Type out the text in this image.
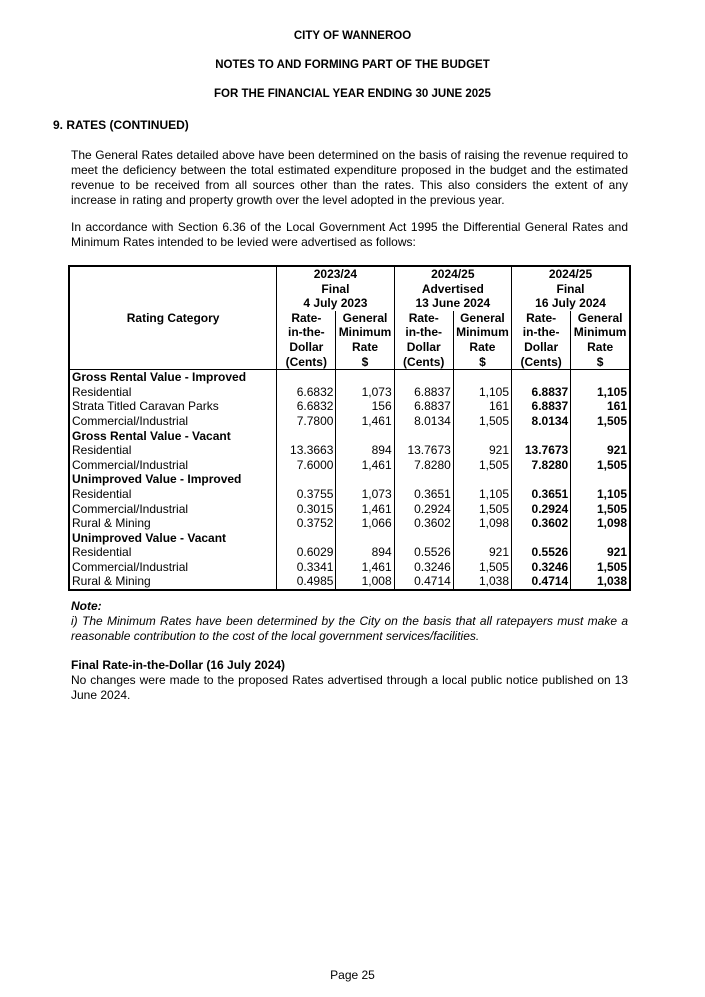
CITY OF WANNEROO
NOTES TO AND FORMING PART OF THE BUDGET
FOR THE FINANCIAL YEAR ENDING 30 JUNE 2025
9. RATES (CONTINUED)
The General Rates detailed above have been determined on the basis of raising the revenue required to meet the deficiency between the total estimated expenditure proposed in the budget and the estimated revenue to be received from all sources other than the rates. This also considers the extent of any increase in rating and property growth over the level adopted in the previous year.
In accordance with Section 6.36 of the Local Government Act 1995 the Differential General Rates and Minimum Rates intended to be levied were advertised as follows:
Rating Category	2023/24		2024/25		2024/25	
	Final		Advertised		Final	
	4 July 2023		13 June 2024		16 July 2024	
	Rate-	General	Rate-	General	Rate-	General
	in-the-	Minimum	in-the-	Minimum	in-the-	Minimum
	Dollar	Rate	Dollar	Rate	Dollar	Rate
	(Cents)	$	(Cents)	$	(Cents)	$
Gross Rental Value - Improved						
Residential	6.6832	1,073	6.8837	1,105	6.8837	1,105
Strata Titled Caravan Parks	6.6832	156	6.8837	161	6.8837	161
Commercial/Industrial	7.7800	1,461	8.0134	1,505	8.0134	1,505
Gross Rental Value - Vacant						
Residential	13.3663	894	13.7673	921	13.7673	921
Commercial/Industrial	7.6000	1,461	7.8280	1,505	7.8280	1,505
Unimproved Value - Improved						
Residential	0.3755	1,073	0.3651	1,105	0.3651	1,105
Commercial/Industrial	0.3015	1,461	0.2924	1,505	0.2924	1,505
Rural & Mining	0.3752	1,066	0.3602	1,098	0.3602	1,098
Unimproved Value - Vacant						
Residential	0.6029	894	0.5526	921	0.5526	921
Commercial/Industrial	0.3341	1,461	0.3246	1,505	0.3246	1,505
Rural & Mining	0.4985	1,008	0.4714	1,038	0.4714	1,038
Note:
i) The Minimum Rates have been determined by the City on the basis that all ratepayers must make a reasonable contribution to the cost of the local government services/facilities.
Final Rate-in-the-Dollar (16 July 2024)
No changes were made to the proposed Rates advertised through a local public notice published on 13 June 2024.
Page 25
